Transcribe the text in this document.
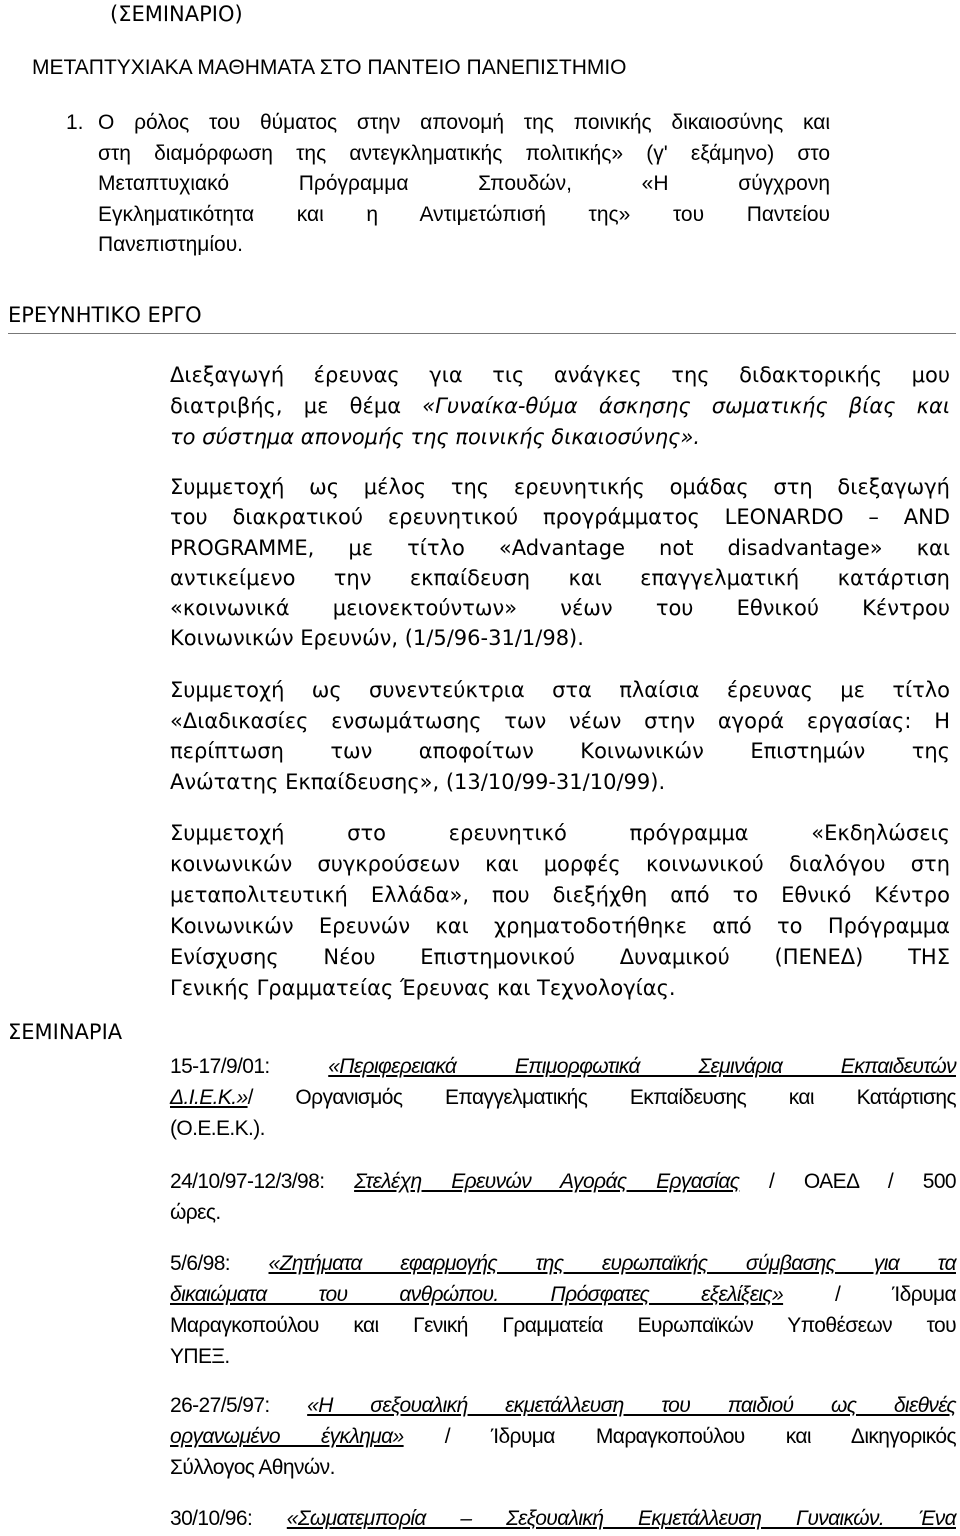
(ΣΕΜΙΝΑΡΙΟ)
ΜΕΤΑΠΤΥΧΙΑΚΑ ΜΑΘΗΜΑΤΑ ΣΤΟ ΠΑΝΤΕΙΟ ΠΑΝΕΠΙΣΤΗΜΙΟ
1. Ο ρόλος του θύματος στην απονομή της ποινικής δικαιοσύνης και
στη διαμόρφωση της αντεγκληματικής πολιτικής» (γ' εξάμηνο) στο
Μεταπτυχιακό Πρόγραμμα Σπουδών, «Η σύγχρονη
Εγκληματικότητα και η Αντιμετώπισή της» του Παντείου
Πανεπιστημίου.
ΕΡΕΥΝΗΤΙΚΟ ΕΡΓΟ
Διεξαγωγή έρευνας για τις ανάγκες της διδακτορικής μου
διατριβής, με θέμα «Γυναίκα-θύμα άσκησης σωματικής βίας και
το σύστημα απονομής της ποινικής δικαιοσύνης».
Συμμετοχή ως μέλος της ερευνητικής ομάδας στη διεξαγωγή
του διακρατικού ερευνητικού προγράμματος LEONARDO – AND
PROGRAMME, με τίτλο «Advantage not disadvantage» και
αντικείμενο την εκπαίδευση και επαγγελματική κατάρτιση
«κοινωνικά μειονεκτούντων» νέων του Εθνικού Κέντρου
Κοινωνικών Ερευνών, (1/5/96-31/1/98).
Συμμετοχή ως συνεντεύκτρια στα πλαίσια έρευνας με τίτλο
«Διαδικασίες ενσωμάτωσης των νέων στην αγορά εργασίας: Η
περίπτωση των αποφοίτων Κοινωνικών Επιστημών της
Ανώτατης Εκπαίδευσης», (13/10/99-31/10/99).
Συμμετοχή στο ερευνητικό πρόγραμμα «Εκδηλώσεις
κοινωνικών συγκρούσεων και μορφές κοινωνικού διαλόγου στη
μεταπολιτευτική Ελλάδα», που διεξήχθη από το Εθνικό Κέντρο
Κοινωνικών Ερευνών και χρηματοδοτήθηκε από το Πρόγραμμα
Ενίσχυσης Νέου Επιστημονικού Δυναμικού (ΠΕΝΕΔ) ΤΗΣ
Γενικής Γραμματείας Έρευνας και Τεχνολογίας.
ΣΕΜΙΝΑΡΙΑ
15-17/9/01: «Περιφερειακά Επιμορφωτικά Σεμινάρια Εκπαιδευτών
Δ.Ι.Ε.Κ.»/ Οργανισμός Επαγγελματικής Εκπαίδευσης και Κατάρτισης
(Ο.Ε.Ε.Κ.).
24/10/97-12/3/98: Στελέχη Ερευνών Αγοράς Εργασίας / ΟΑΕΔ / 500
ώρες.
5/6/98: «Ζητήματα εφαρμογής της ευρωπαϊκής σύμβασης για τα
δικαιώματα του ανθρώπου. Πρόσφατες εξελίξεις» / Ίδρυμα
Μαραγκοπούλου και Γενική Γραμματεία Ευρωπαϊκών Υποθέσεων του
ΥΠΕΞ.
26-27/5/97: «Η σεξουαλική εκμετάλλευση του παιδιού ως διεθνές
οργανωμένο έγκλημα» / Ίδρυμα Μαραγκοπούλου και Δικηγορικός
Σύλλογος Αθηνών.
30/10/96: «Σωματεμπορία – Σεξουαλική Εκμετάλλευση Γυναικών. Ένα
